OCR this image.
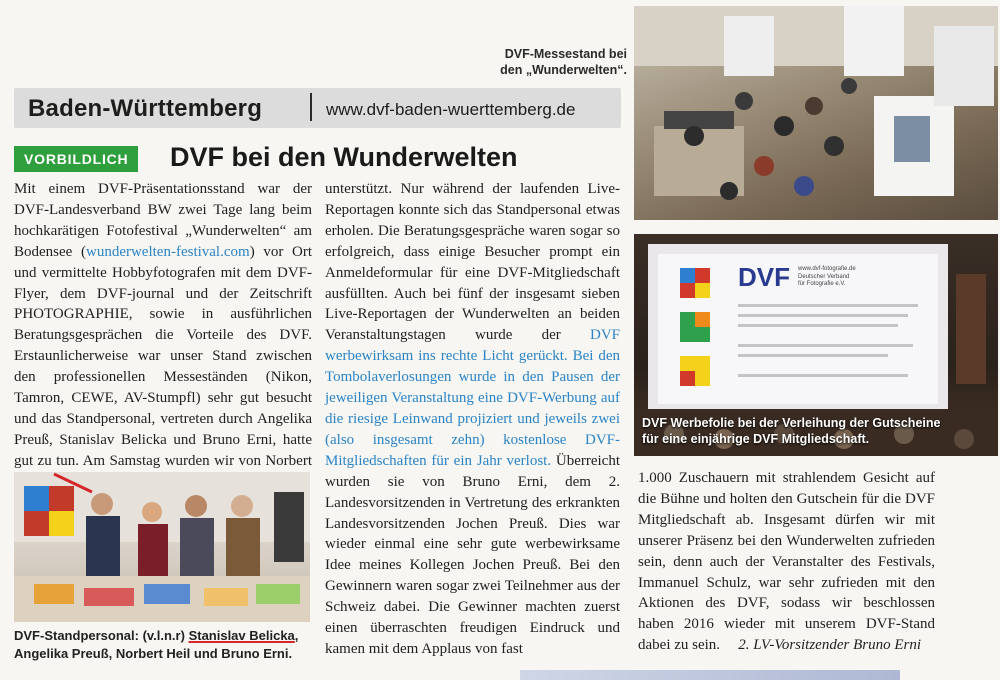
Baden-Württemberg	www.dvf-baden-wuerttemberg.de
DVF-Messestand bei
den „Wunderwelten“.
VORBILDLICH	DVF bei den Wunderwelten
Mit einem DVF-Präsentationsstand war der DVF-Landesverband BW zwei Tage lang beim hochkarätigen Fotofestival „Wunderwelten“ am Bodensee (wunderwelten-festival.com) vor Ort und vermittelte Hobbyfotografen mit dem DVF-Flyer, dem DVF-journal und der Zeitschrift PHOTOGRAPHIE, sowie in ausführlichen Beratungsgesprächen die Vorteile des DVF. Erstaunlicherweise war unser Stand zwischen den professionellen Messeständen (Nikon, Tamron, CEWE, AV-Stumpfl) sehr gut besucht und das Standpersonal, vertreten durch Angelika Preuß, Stanislav Belicka und Bruno Erni, hatte gut zu tun. Am Samstag wurden wir von Norbert
unterstützt. Nur während der laufenden Live-Reportagen konnte sich das Standpersonal etwas erholen. Die Beratungsgespräche waren sogar so erfolgreich, dass einige Besucher prompt ein Anmeldeformular für eine DVF-Mitgliedschaft ausfüllten. Auch bei fünf der insgesamt sieben Live-Reportagen der Wunderwelten an beiden Veranstaltungstagen wurde der DVF werbewirksam ins rechte Licht gerückt. Bei den Tombolaverlosungen wurde in den Pausen der jeweiligen Veranstaltung eine DVF-Werbung auf die riesige Leinwand projiziert und jeweils zwei (also insgesamt zehn) kostenlose DVF-Mitgliedschaften für ein Jahr verlost. Überreicht wurden sie von Bruno Erni, dem 2. Landesvorsitzenden in Vertretung des erkrankten Landesvorsitzenden Jochen Preuß. Dies war wieder einmal eine sehr gute werbewirksame Idee meines Kollegen Jochen Preuß. Bei den Gewinnern waren sogar zwei Teilnehmer aus der Schweiz dabei. Die Gewinner machten zuerst einen überraschten freudigen Eindruck und kamen mit dem Applaus von fast
1.000 Zuschauern mit strahlendem Gesicht auf die Bühne und holten den Gutschein für die DVF Mitgliedschaft ab. Insgesamt dürfen wir mit unserer Präsenz bei den Wunderwelten zufrieden sein, denn auch der Veranstalter des Festivals, Immanuel Schulz, war sehr zufrieden mit den Aktionen des DVF, sodass wir beschlossen haben 2016 wieder mit unserem DVF-Stand dabei zu sein. 2. LV-Vorsitzender Bruno Erni
DVF www.dvf-fotografie.de
Deutscher Verband
für Fotografie e.V.
DVF Werbefolie bei der Verleihung der Gutscheine für eine einjährige DVF Mitgliedschaft.
DVF-Standpersonal: (v.l.n.r) Stanislav Belicka, Angelika Preuß, Norbert Heil und Bruno Erni.
